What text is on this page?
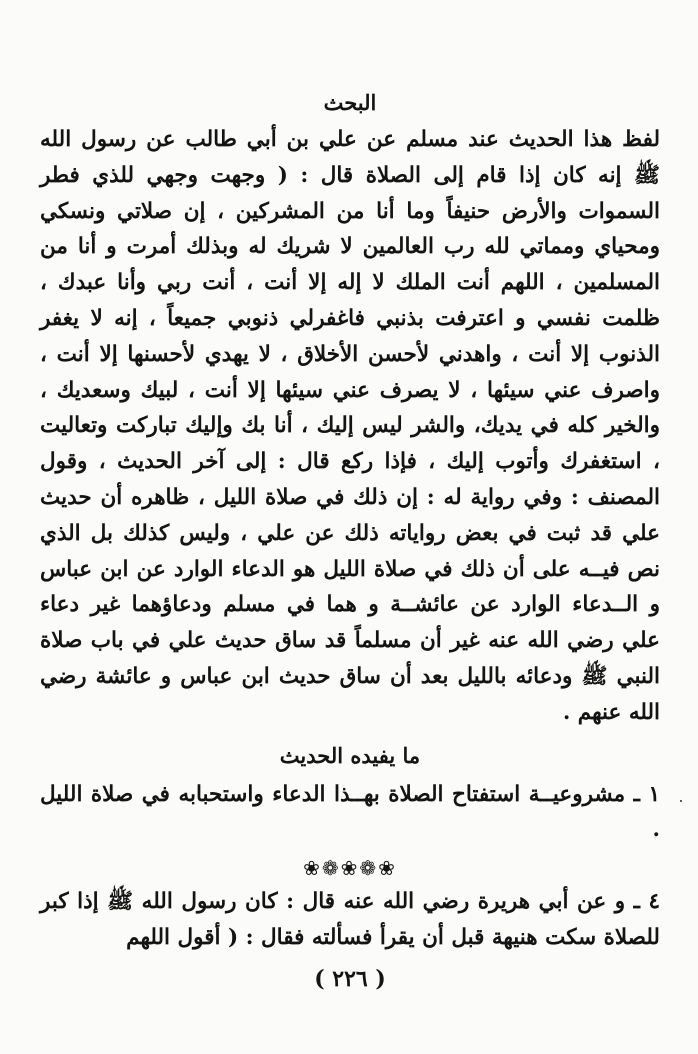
البحث

لفظ هذا الحديث عند مسلم عن علي بن أبي طالب عن رسول الله ﷺ إنه كان إذا قام إلى الصلاة قال : ( وجهت وجهي للذي فطر السموات والأرض حنيفاً وما أنا من المشركين ، إن صلاتي ونسكي ومحياي ومماتي لله رب العالمين لا شريك له وبذلك أمرت و أنا من المسلمين ، اللهم أنت الملك لا إله إلا أنت ، أنت ربي وأنا عبدك ، ظلمت نفسي و اعترفت بذنبي فاغفرلي ذنوبي جميعاً ، إنه لا يغفر الذنوب إلا أنت ، واهدني لأحسن الأخلاق ، لا يهدي لأحسنها إلا أنت ، واصرف عني سيئها ، لا يصرف عني سيئها إلا أنت ، لبيك وسعديك ، والخير كله في يديك، والشر ليس إليك ، أنا بك وإليك تباركت وتعاليت ، استغفرك وأتوب إليك ، فإذا ركع قال : إلى آخر الحديث ، وقول المصنف : وفي رواية له : إن ذلك في صلاة الليل ، ظاهره أن حديث علي قد ثبت في بعض رواياته ذلك عن علي ، وليس كذلك بل الذي نص فيــه على أن ذلك في صلاة الليل هو الدعاء الوارد عن ابن عباس و الــدعاء الوارد عن عائشــة و هما في مسلم ودعاؤهما غير دعاء علي رضي الله عنه غير أن مسلماً قد ساق حديث علي في باب صلاة النبي ﷺ ودعائه بالليل بعد أن ساق حديث ابن عباس و عائشة رضي الله عنهم .

ما يفيده الحديث

١ ـ مشروعيــة استفتاح الصلاة بهــذا الدعاء واستحبابه في صلاة الليل .

❀❁❀❁❀

٤ ـ و عن أبي هريرة رضي الله عنه قال : كان رسول الله ﷺ إذا كبر للصلاة سكت هنيهة قبل أن يقرأ فسألته فقال : ( أقول اللهم

( ٢٢٦ )
